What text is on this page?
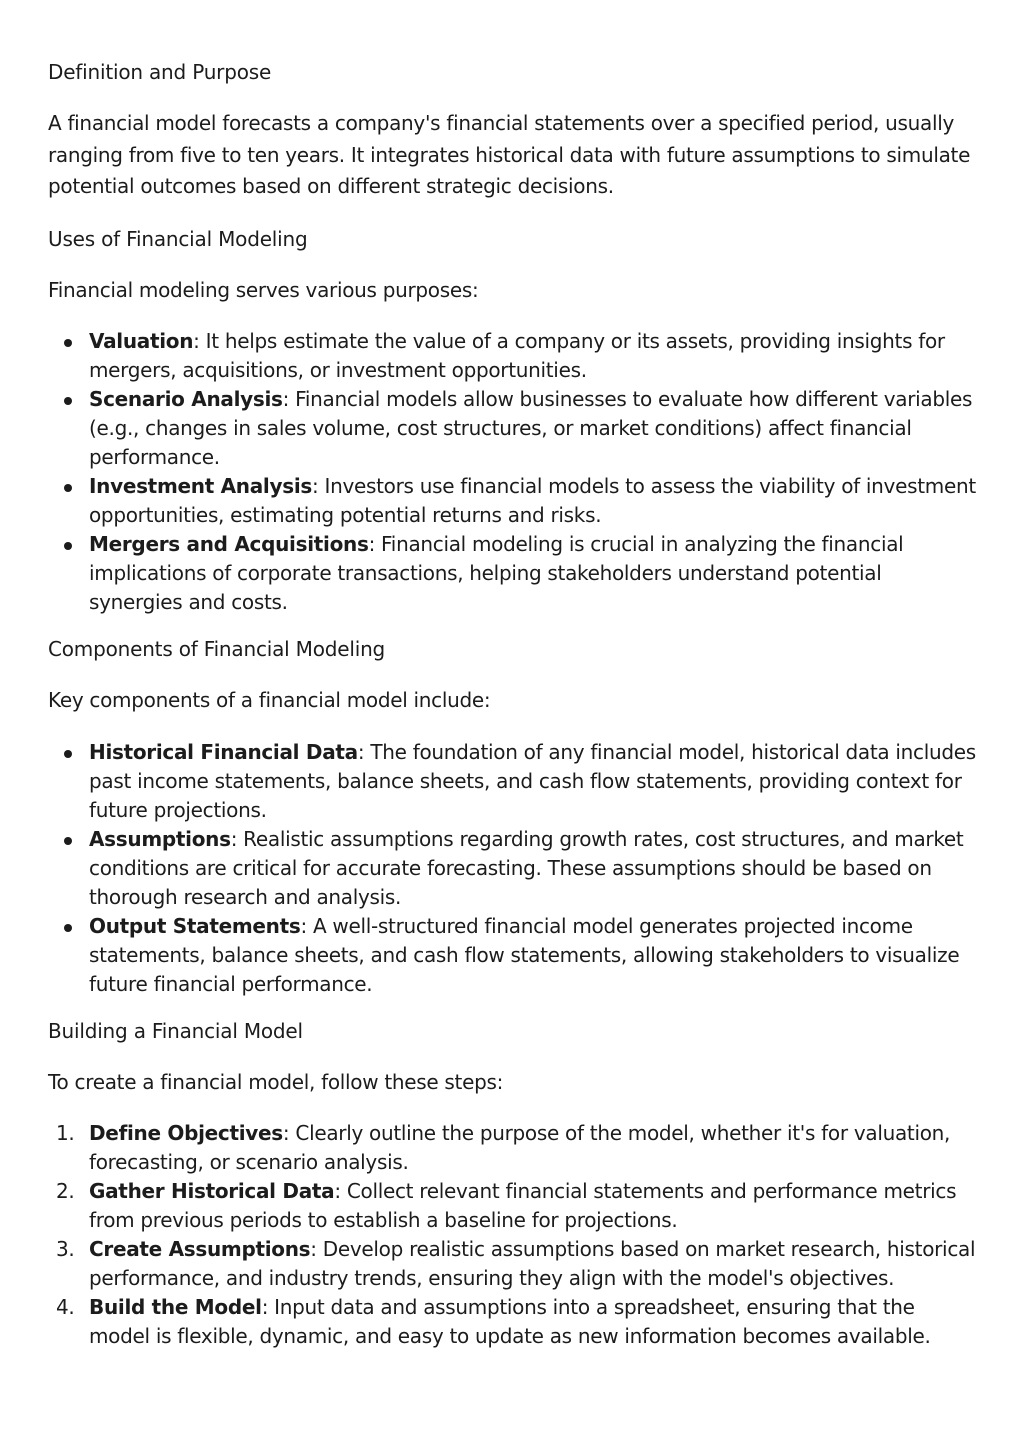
Definition and Purpose

A financial model forecasts a company's financial statements over a specified period, usually ranging from five to ten years. It integrates historical data with future assumptions to simulate potential outcomes based on different strategic decisions.

Uses of Financial Modeling

Financial modeling serves various purposes:

Valuation: It helps estimate the value of a company or its assets, providing insights for mergers, acquisitions, or investment opportunities.
Scenario Analysis: Financial models allow businesses to evaluate how different variables (e.g., changes in sales volume, cost structures, or market conditions) affect financial performance.
Investment Analysis: Investors use financial models to assess the viability of investment opportunities, estimating potential returns and risks.
Mergers and Acquisitions: Financial modeling is crucial in analyzing the financial implications of corporate transactions, helping stakeholders understand potential synergies and costs.
Components of Financial Modeling

Key components of a financial model include:

Historical Financial Data: The foundation of any financial model, historical data includes past income statements, balance sheets, and cash flow statements, providing context for future projections.
Assumptions: Realistic assumptions regarding growth rates, cost structures, and market conditions are critical for accurate forecasting. These assumptions should be based on thorough research and analysis.
Output Statements: A well-structured financial model generates projected income statements, balance sheets, and cash flow statements, allowing stakeholders to visualize future financial performance.
Building a Financial Model

To create a financial model, follow these steps:

1. Define Objectives: Clearly outline the purpose of the model, whether it's for valuation, forecasting, or scenario analysis.
2. Gather Historical Data: Collect relevant financial statements and performance metrics from previous periods to establish a baseline for projections.
3. Create Assumptions: Develop realistic assumptions based on market research, historical performance, and industry trends, ensuring they align with the model's objectives.
4. Build the Model: Input data and assumptions into a spreadsheet, ensuring that the model is flexible, dynamic, and easy to update as new information becomes available.
